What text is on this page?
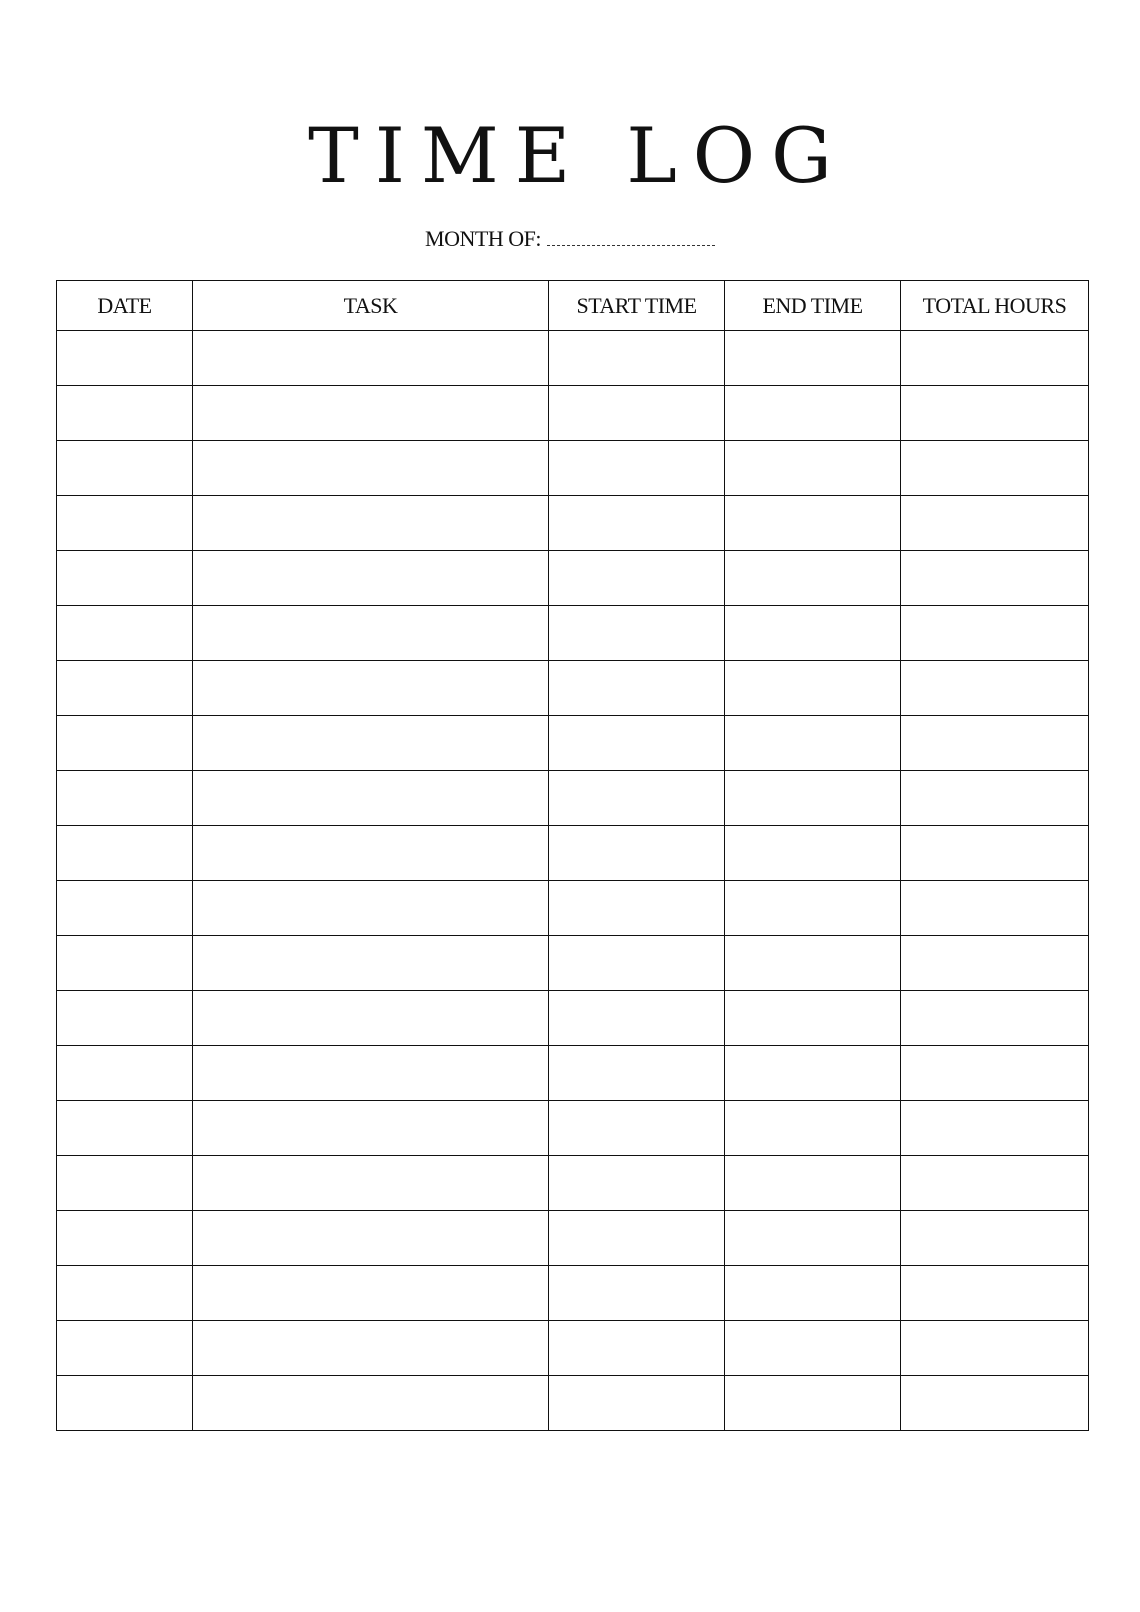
TIME LOG
MONTH OF:
DATE	TASK	START TIME	END TIME	TOTAL HOURS
